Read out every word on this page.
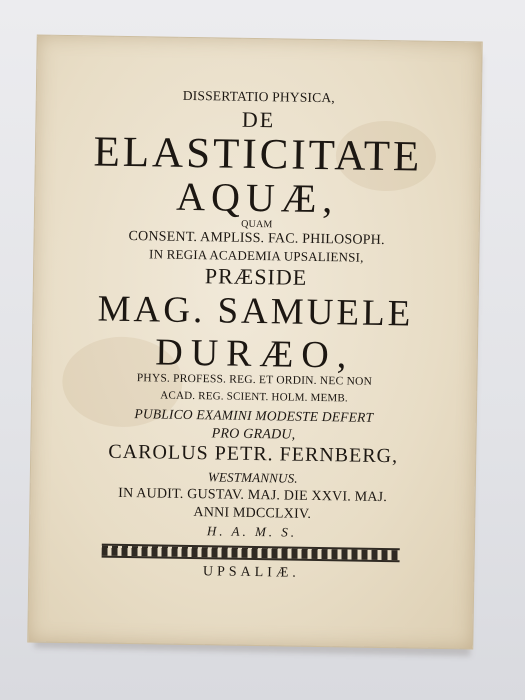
DISSERTATIO PHYSICA,
DE
ELASTICITATE
AQUÆ,
QUAM
CONSENT. AMPLISS. FAC. PHILOSOPH.
IN REGIA ACADEMIA UPSALIENSI,
PRÆSIDE
MAG. SAMUELE
DURÆO,
PHYS. PROFESS. REG. ET ORDIN. NEC NON
ACAD. REG. SCIENT. HOLM. MEMB.
PUBLICO EXAMINI MODESTE DEFERT
PRO GRADU,
CAROLUS PETR. FERNBERG,
WESTMANNUS.
IN AUDIT. GUSTAV. MAJ. DIE XXVI. MAJ.
ANNI MDCCLXIV.
H. A. M. S.
UPSALIÆ.
